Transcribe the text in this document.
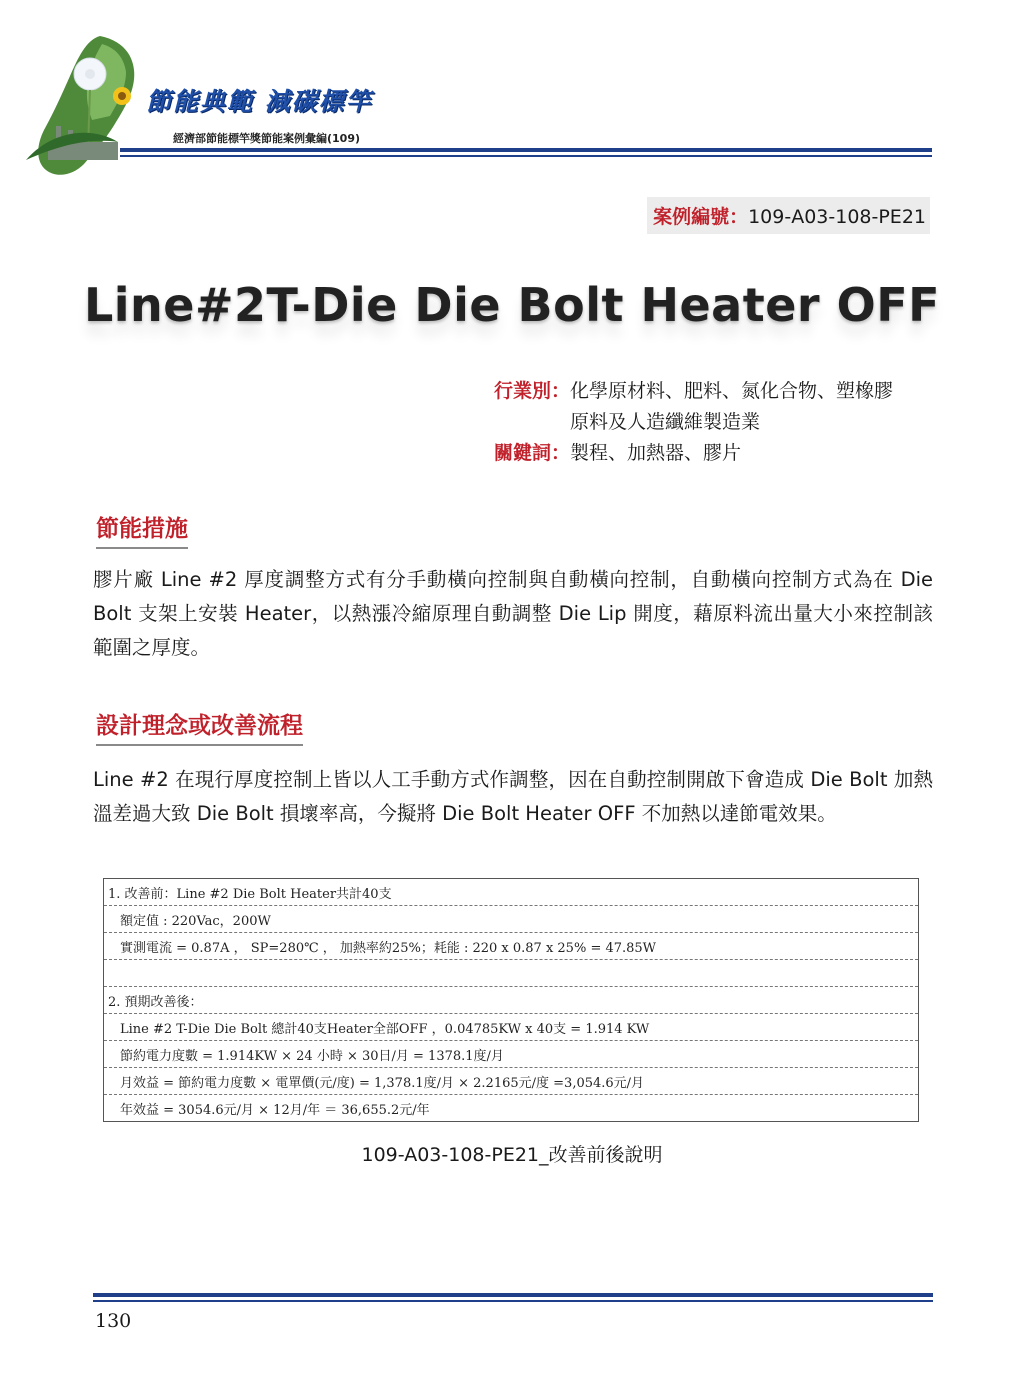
節能典範 減碳標竿
經濟部節能標竿獎節能案例彙編(109)
案例編號：109-A03-108-PE21
Line#2T-Die Die Bolt Heater OFF
行業別： 化學原材料、肥料、氮化合物、塑橡膠原料及人造纖維製造業
關鍵詞： 製程、加熱器、膠片
節能措施
膠片廠 Line #2 厚度調整方式有分手動橫向控制與自動橫向控制，自動橫向控制方式為在 Die Bolt 支架上安裝 Heater，以熱漲冷縮原理自動調整 Die Lip 開度，藉原料流出量大小來控制該範圍之厚度。
設計理念或改善流程
Line #2 在現行厚度控制上皆以人工手動方式作調整，因在自動控制開啟下會造成 Die Bolt 加熱溫差過大致 Die Bolt 損壞率高，今擬將 Die Bolt Heater OFF 不加熱以達節電效果。
1. 改善前：Line #2 Die Bolt Heater共計40支
額定值 : 220Vac，200W
實測電流 = 0.87A ， SP=280℃ ， 加熱率約25%；耗能 : 220 x 0.87 x 25% = 47.85W

2. 預期改善後：
Line #2 T-Die Die Bolt 總計40支Heater全部OFF ，0.04785KW x 40支 = 1.914 KW
節約電力度數 = 1.914KW × 24 小時 × 30日/月 = 1378.1度/月
月效益 = 節約電力度數 × 電單價(元/度) = 1,378.1度/月 × 2.2165元/度 =3,054.6元/月
年效益 = 3054.6元/月 × 12月/年 ＝ 36,655.2元/年
109-A03-108-PE21_改善前後說明
130
